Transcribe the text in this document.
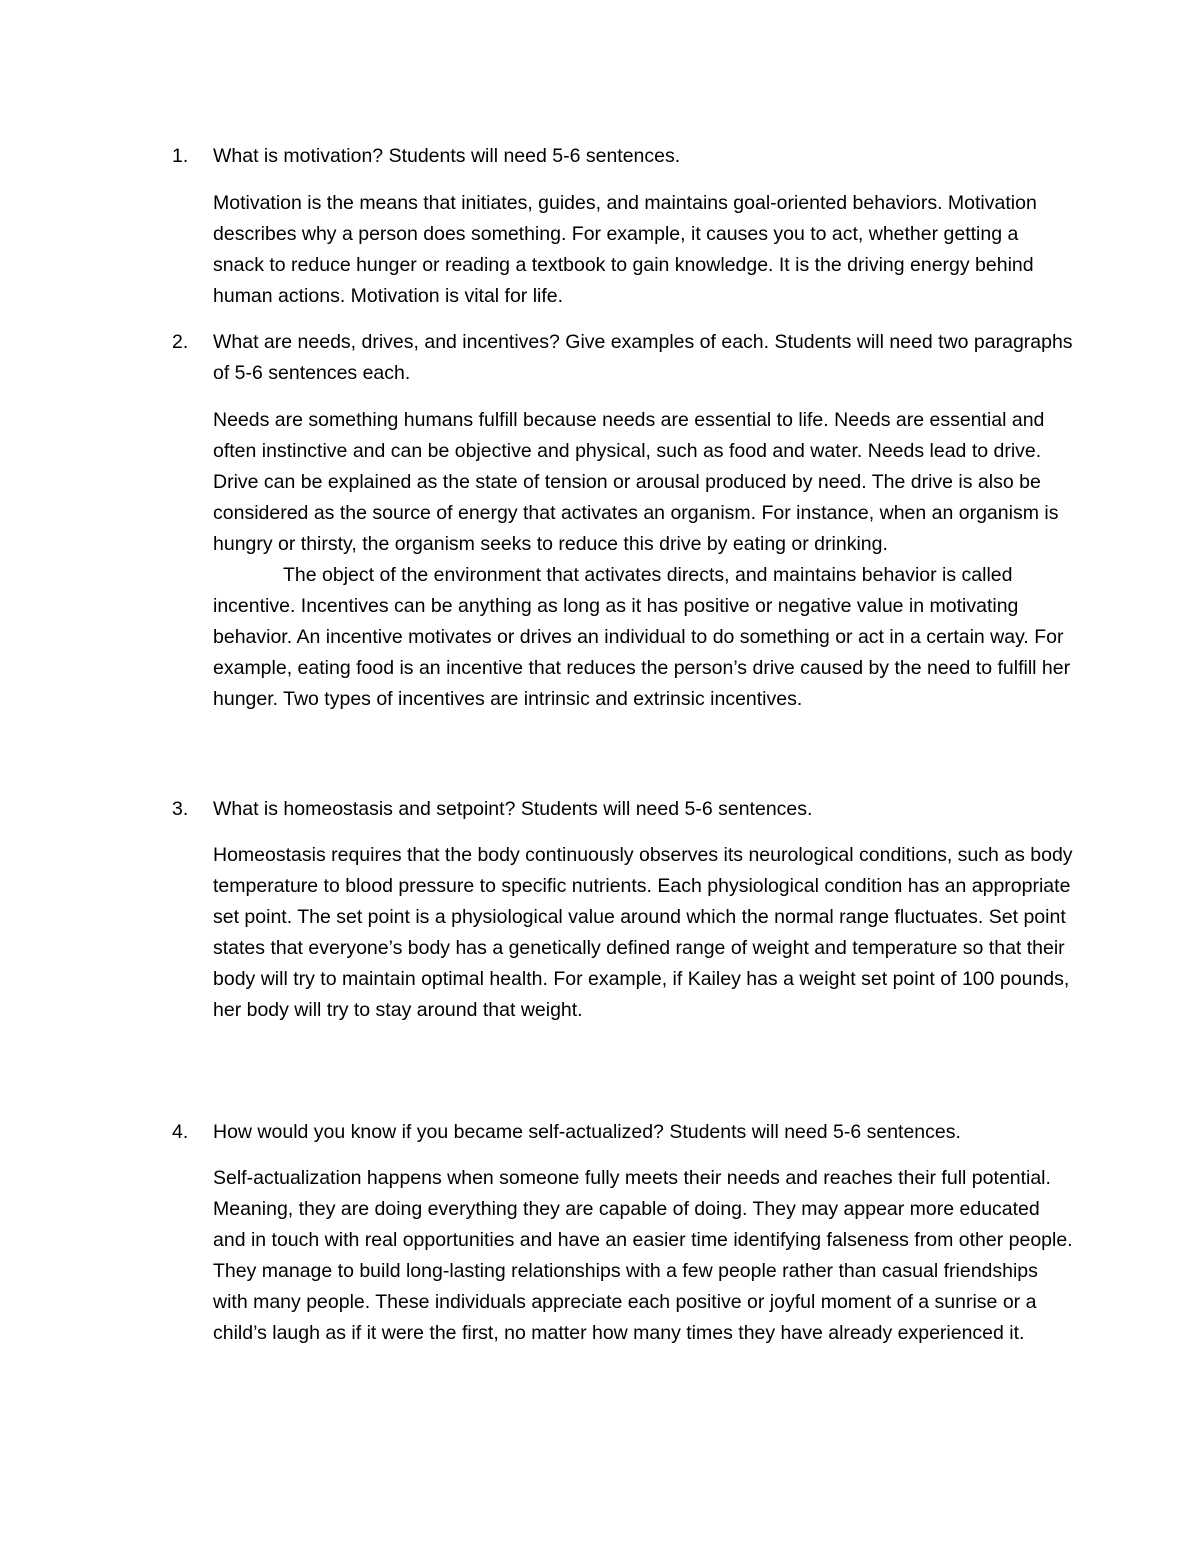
1.	What is motivation? Students will need 5-6 sentences.

Motivation is the means that initiates, guides, and maintains goal-oriented behaviors. Motivation describes why a person does something. For example, it causes you to act, whether getting a snack to reduce hunger or reading a textbook to gain knowledge. It is the driving energy behind human actions. Motivation is vital for life.

2.	What are needs, drives, and incentives? Give examples of each. Students will need two paragraphs of 5-6 sentences each.

Needs are something humans fulfill because needs are essential to life. Needs are essential and often instinctive and can be objective and physical, such as food and water. Needs lead to drive. Drive can be explained as the state of tension or arousal produced by need. The drive is also be considered as the source of energy that activates an organism. For instance, when an organism is hungry or thirsty, the organism seeks to reduce this drive by eating or drinking.

The object of the environment that activates directs, and maintains behavior is called incentive. Incentives can be anything as long as it has positive or negative value in motivating behavior. An incentive motivates or drives an individual to do something or act in a certain way. For example, eating food is an incentive that reduces the person’s drive caused by the need to fulfill her hunger. Two types of incentives are intrinsic and extrinsic incentives.

3.	What is homeostasis and setpoint? Students will need 5-6 sentences.

Homeostasis requires that the body continuously observes its neurological conditions, such as body temperature to blood pressure to specific nutrients. Each physiological condition has an appropriate set point. The set point is a physiological value around which the normal range fluctuates. Set point states that everyone’s body has a genetically defined range of weight and temperature so that their body will try to maintain optimal health. For example, if Kailey has a weight set point of 100 pounds, her body will try to stay around that weight.

4.	How would you know if you became self-actualized? Students will need 5-6 sentences.

Self-actualization happens when someone fully meets their needs and reaches their full potential. Meaning, they are doing everything they are capable of doing. They may appear more educated and in touch with real opportunities and have an easier time identifying falseness from other people. They manage to build long-lasting relationships with a few people rather than casual friendships with many people. These individuals appreciate each positive or joyful moment of a sunrise or a child’s laugh as if it were the first, no matter how many times they have already experienced it.
